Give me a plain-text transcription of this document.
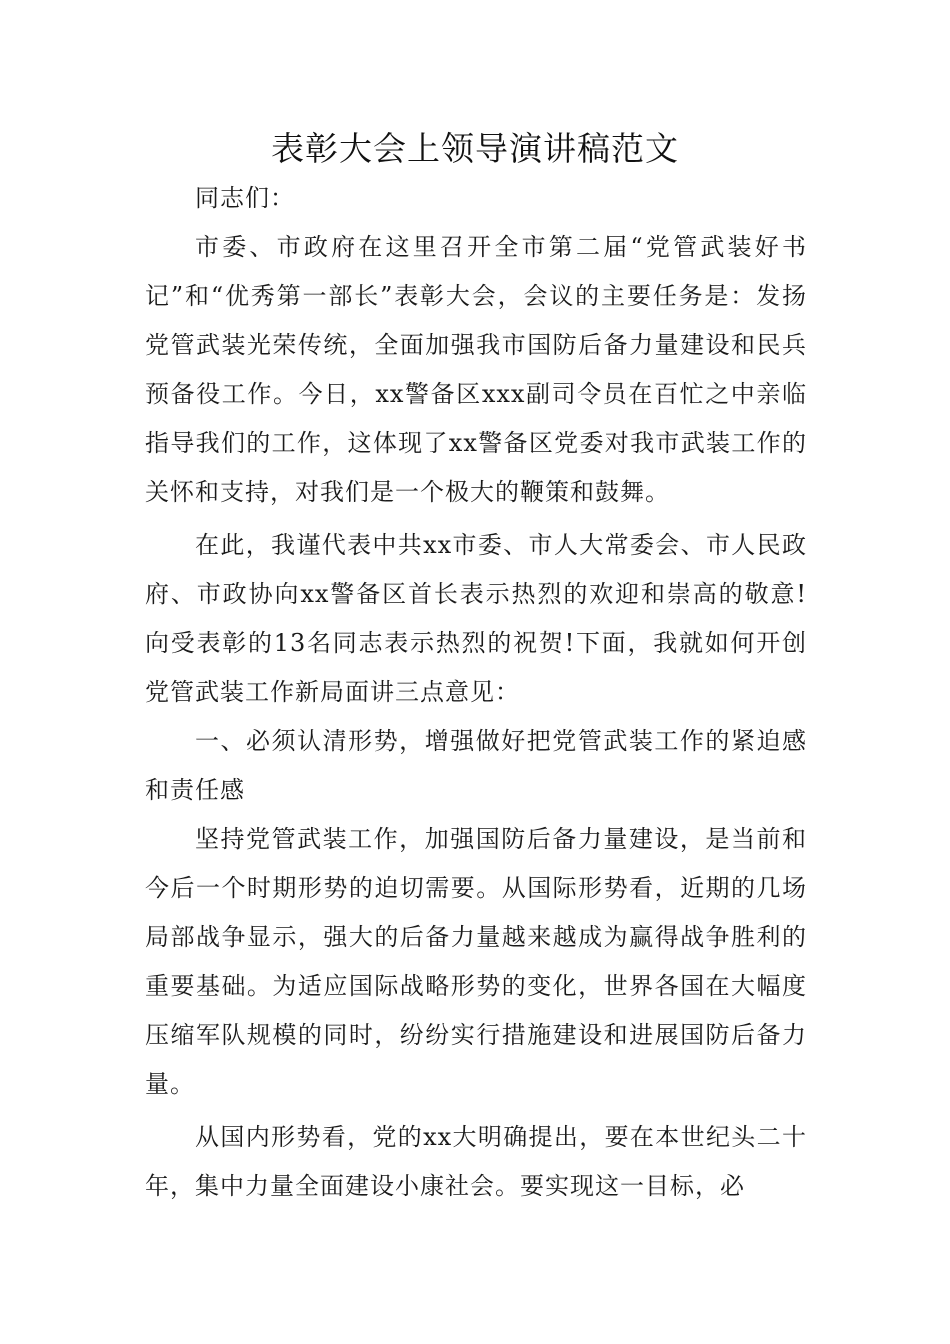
表彰大会上领导演讲稿范文

同志们：

市委、市政府在这里召开全市第二届“党管武装好书记”和“优秀第一部长”表彰大会，会议的主要任务是：发扬党管武装光荣传统，全面加强我市国防后备力量建设和民兵预备役工作。今日，xx警备区xxx副司令员在百忙之中亲临指导我们的工作，这体现了xx警备区党委对我市武装工作的关怀和支持，对我们是一个极大的鞭策和鼓舞。

在此，我谨代表中共xx市委、市人大常委会、市人民政府、市政协向xx警备区首长表示热烈的欢迎和崇高的敬意!向受表彰的13名同志表示热烈的祝贺!下面，我就如何开创党管武装工作新局面讲三点意见：

一、必须认清形势，增强做好把党管武装工作的紧迫感和责任感

坚持党管武装工作，加强国防后备力量建设，是当前和今后一个时期形势的迫切需要。从国际形势看，近期的几场局部战争显示，强大的后备力量越来越成为赢得战争胜利的重要基础。为适应国际战略形势的变化，世界各国在大幅度压缩军队规模的同时，纷纷实行措施建设和进展国防后备力量。

从国内形势看，党的xx大明确提出，要在本世纪头二十年，集中力量全面建设小康社会。要实现这一目标，必
